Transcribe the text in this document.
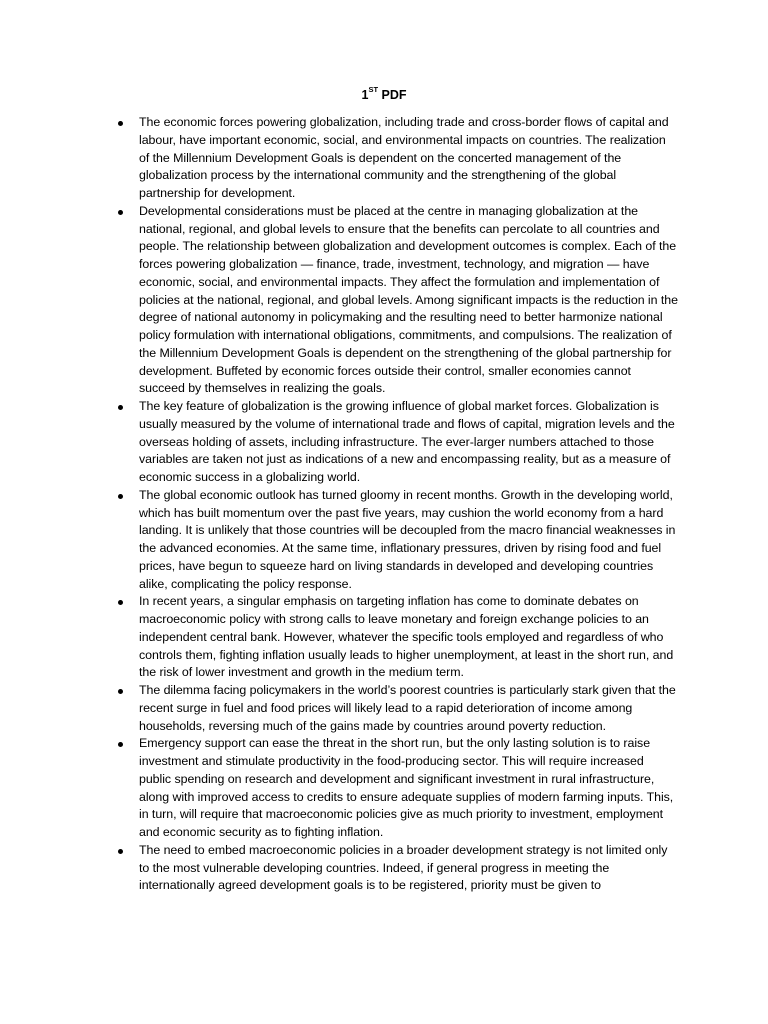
1ST PDF
The economic forces powering globalization, including trade and cross-border flows of capital and labour, have important economic, social, and environmental impacts on countries. The realization of the Millennium Development Goals is dependent on the concerted management of the globalization process by the international community and the strengthening of the global partnership for development.
Developmental considerations must be placed at the centre in managing globalization at the national, regional, and global levels to ensure that the benefits can percolate to all countries and people. The relationship between globalization and development outcomes is complex. Each of the forces powering globalization — finance, trade, investment, technology, and migration — have economic, social, and environmental impacts. They affect the formulation and implementation of policies at the national, regional, and global levels. Among significant impacts is the reduction in the degree of national autonomy in policymaking and the resulting need to better harmonize national policy formulation with international obligations, commitments, and compulsions. The realization of the Millennium Development Goals is dependent on the strengthening of the global partnership for development. Buffeted by economic forces outside their control, smaller economies cannot succeed by themselves in realizing the goals.
The key feature of globalization is the growing influence of global market forces. Globalization is usually measured by the volume of international trade and flows of capital, migration levels and the overseas holding of assets, including infrastructure. The ever-larger numbers attached to those variables are taken not just as indications of a new and encompassing reality, but as a measure of economic success in a globalizing world.
The global economic outlook has turned gloomy in recent months. Growth in the developing world, which has built momentum over the past five years, may cushion the world economy from a hard landing. It is unlikely that those countries will be decoupled from the macro financial weaknesses in the advanced economies. At the same time, inflationary pressures, driven by rising food and fuel prices, have begun to squeeze hard on living standards in developed and developing countries alike, complicating the policy response.
In recent years, a singular emphasis on targeting inflation has come to dominate debates on macroeconomic policy with strong calls to leave monetary and foreign exchange policies to an independent central bank. However, whatever the specific tools employed and regardless of who controls them, fighting inflation usually leads to higher unemployment, at least in the short run, and the risk of lower investment and growth in the medium term.
The dilemma facing policymakers in the world’s poorest countries is particularly stark given that the recent surge in fuel and food prices will likely lead to a rapid deterioration of income among households, reversing much of the gains made by countries around poverty reduction.
Emergency support can ease the threat in the short run, but the only lasting solution is to raise investment and stimulate productivity in the food-producing sector. This will require increased public spending on research and development and significant investment in rural infrastructure, along with improved access to credits to ensure adequate supplies of modern farming inputs. This, in turn, will require that macroeconomic policies give as much priority to investment, employment and economic security as to fighting inflation.
The need to embed macroeconomic policies in a broader development strategy is not limited only to the most vulnerable developing countries. Indeed, if general progress in meeting the internationally agreed development goals is to be registered, priority must be given to
